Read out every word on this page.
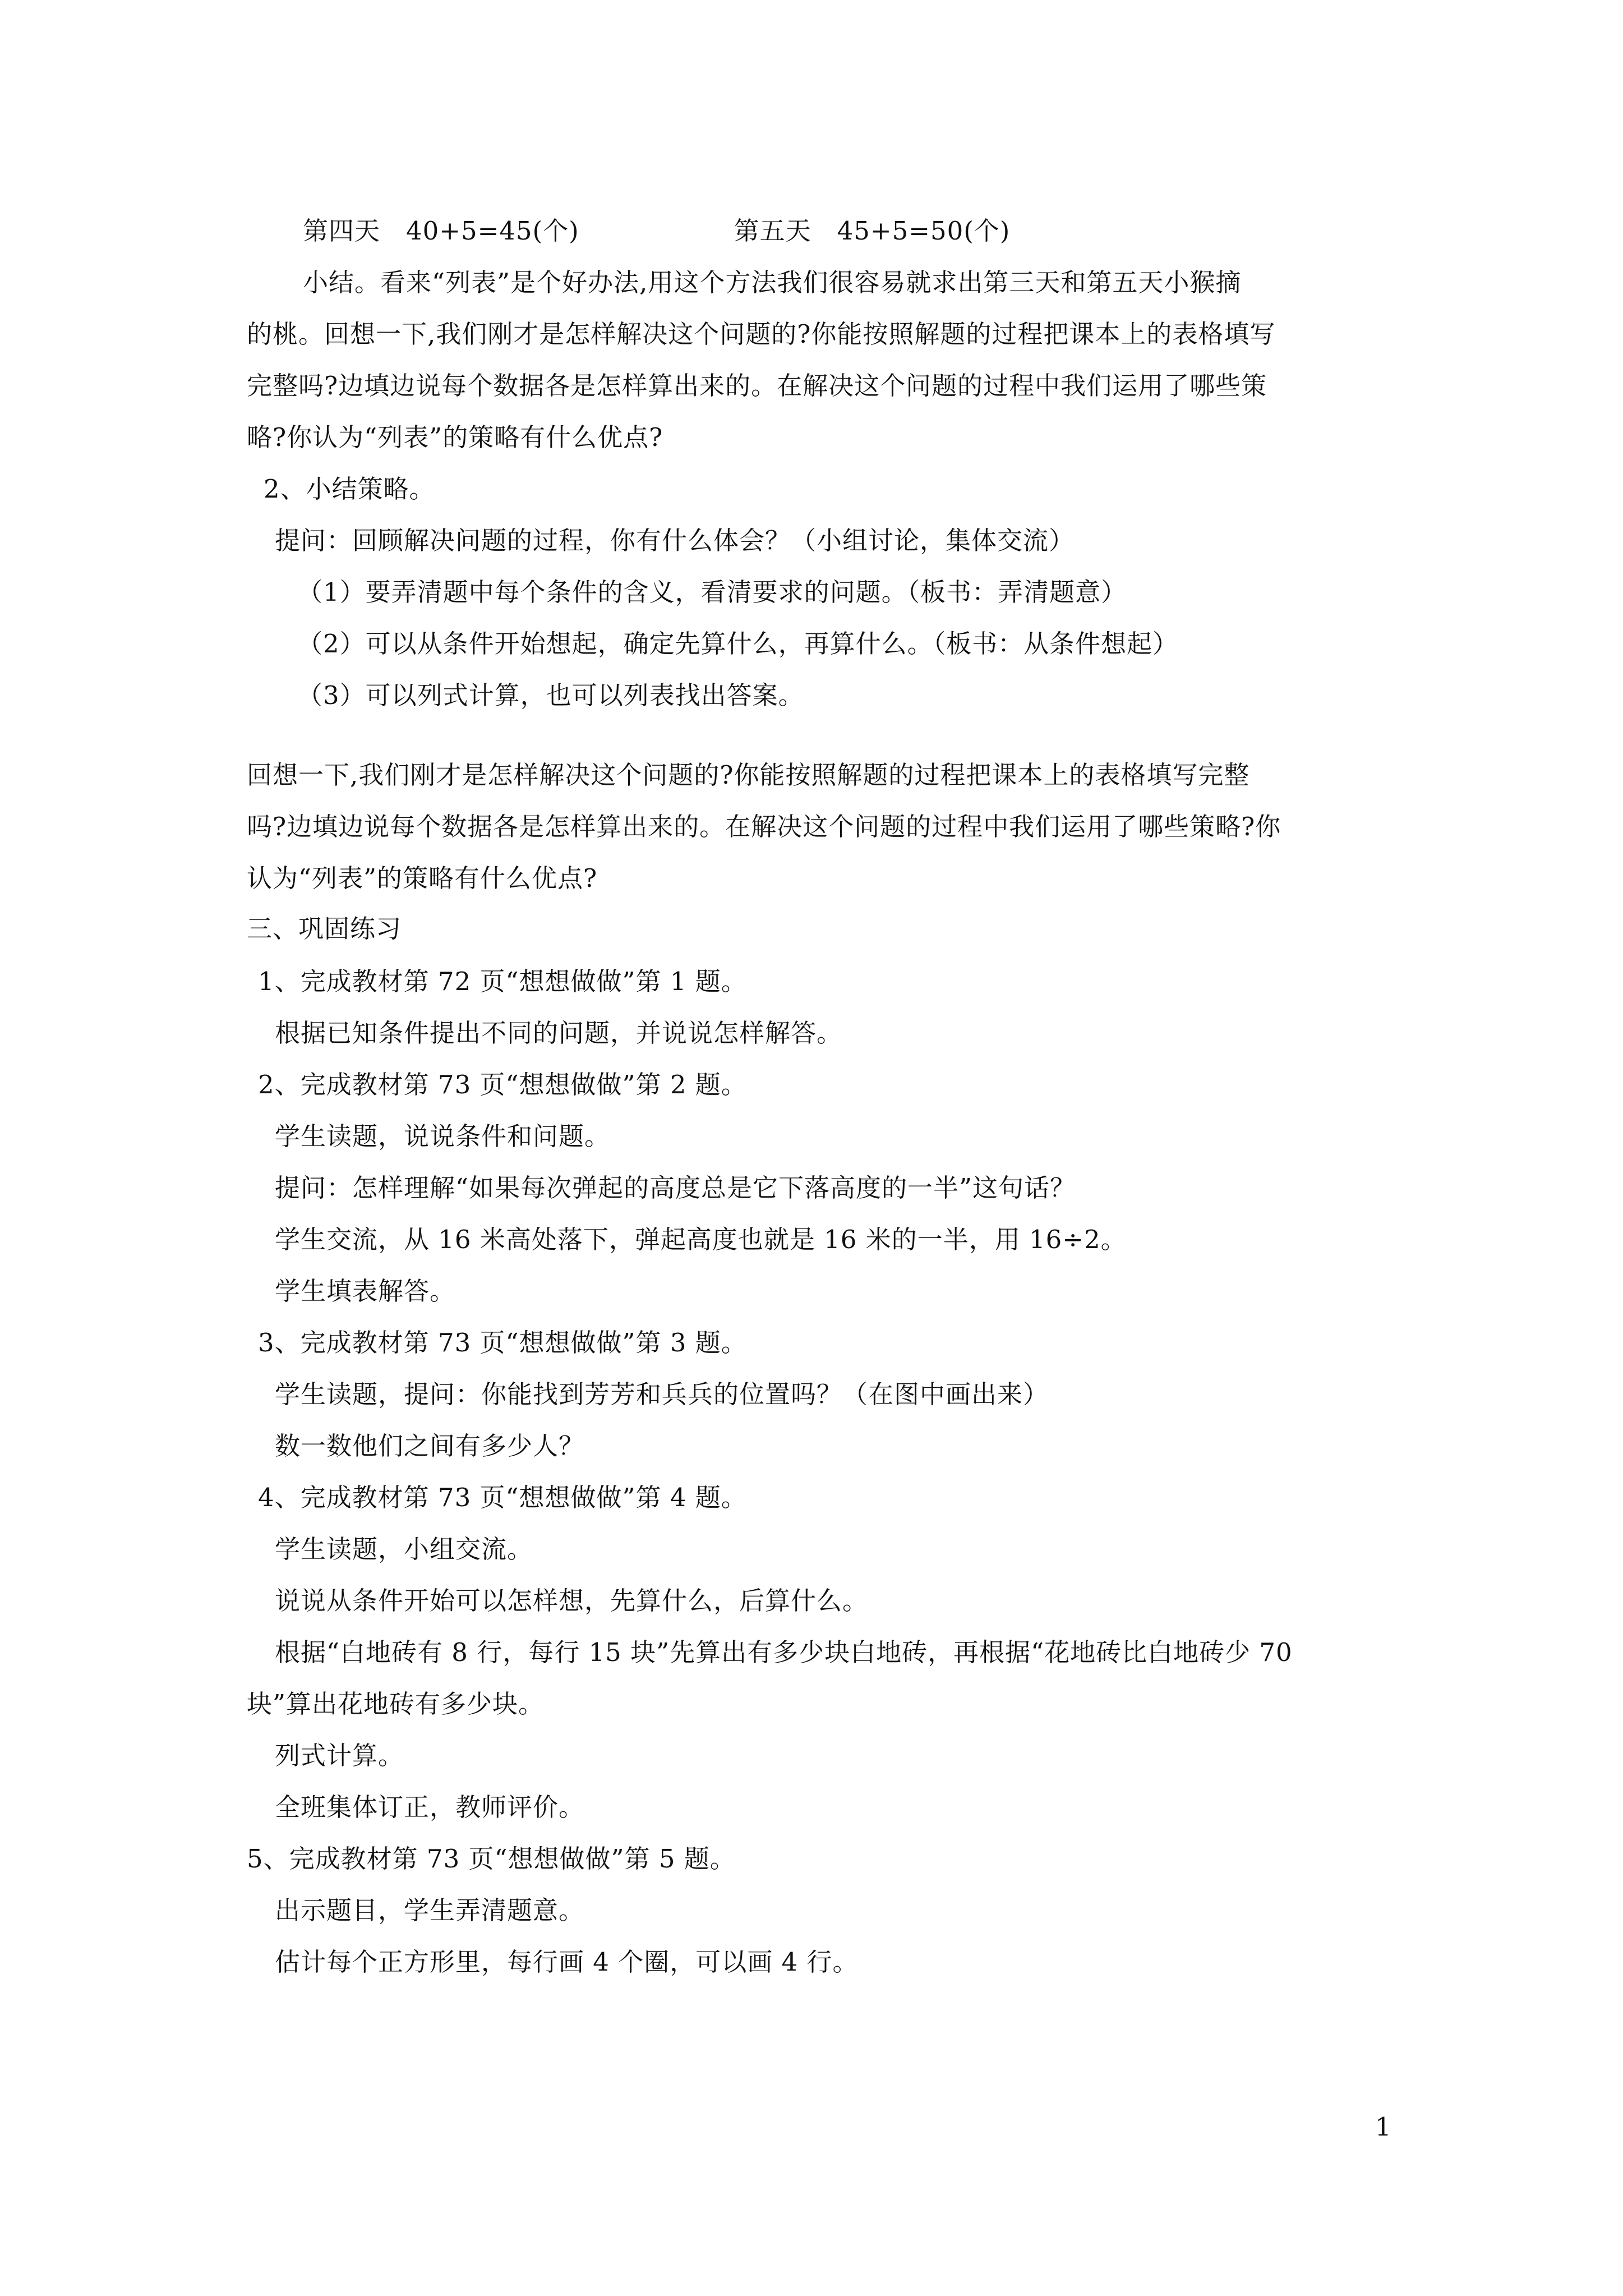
第四天　40+5=45(个)　　　　　　第五天　45+5=50(个)

小结。看来“列表”是个好办法,用这个方法我们很容易就求出第三天和第五天小猴摘

的桃。回想一下,我们刚才是怎样解决这个问题的?你能按照解题的过程把课本上的表格填写

完整吗?边填边说每个数据各是怎样算出来的。在解决这个问题的过程中我们运用了哪些策

略?你认为“列表”的策略有什么优点?

2、小结策略。

提问：回顾解决问题的过程，你有什么体会？（小组讨论，集体交流）

（1）要弄清题中每个条件的含义，看清要求的问题。（板书：弄清题意）

（2）可以从条件开始想起，确定先算什么，再算什么。（板书：从条件想起）

（3）可以列式计算，也可以列表找出答案。

回想一下,我们刚才是怎样解决这个问题的?你能按照解题的过程把课本上的表格填写完整

吗?边填边说每个数据各是怎样算出来的。在解决这个问题的过程中我们运用了哪些策略?你

认为“列表”的策略有什么优点?

三、巩固练习

1、完成教材第 72 页“想想做做”第 1 题。

根据已知条件提出不同的问题，并说说怎样解答。

2、完成教材第 73 页“想想做做”第 2 题。

学生读题，说说条件和问题。

提问：怎样理解“如果每次弹起的高度总是它下落高度的一半”这句话？

学生交流，从 16 米高处落下，弹起高度也就是 16 米的一半，用 16÷2。

学生填表解答。

3、完成教材第 73 页“想想做做”第 3 题。

学生读题，提问：你能找到芳芳和兵兵的位置吗？（在图中画出来）

数一数他们之间有多少人？

4、完成教材第 73 页“想想做做”第 4 题。

学生读题，小组交流。

说说从条件开始可以怎样想，先算什么，后算什么。

根据“白地砖有 8 行，每行 15 块”先算出有多少块白地砖，再根据“花地砖比白地砖少 70

块”算出花地砖有多少块。

列式计算。

全班集体订正，教师评价。

5、完成教材第 73 页“想想做做”第 5 题。

出示题目，学生弄清题意。

估计每个正方形里，每行画 4 个圈，可以画 4 行。

1
